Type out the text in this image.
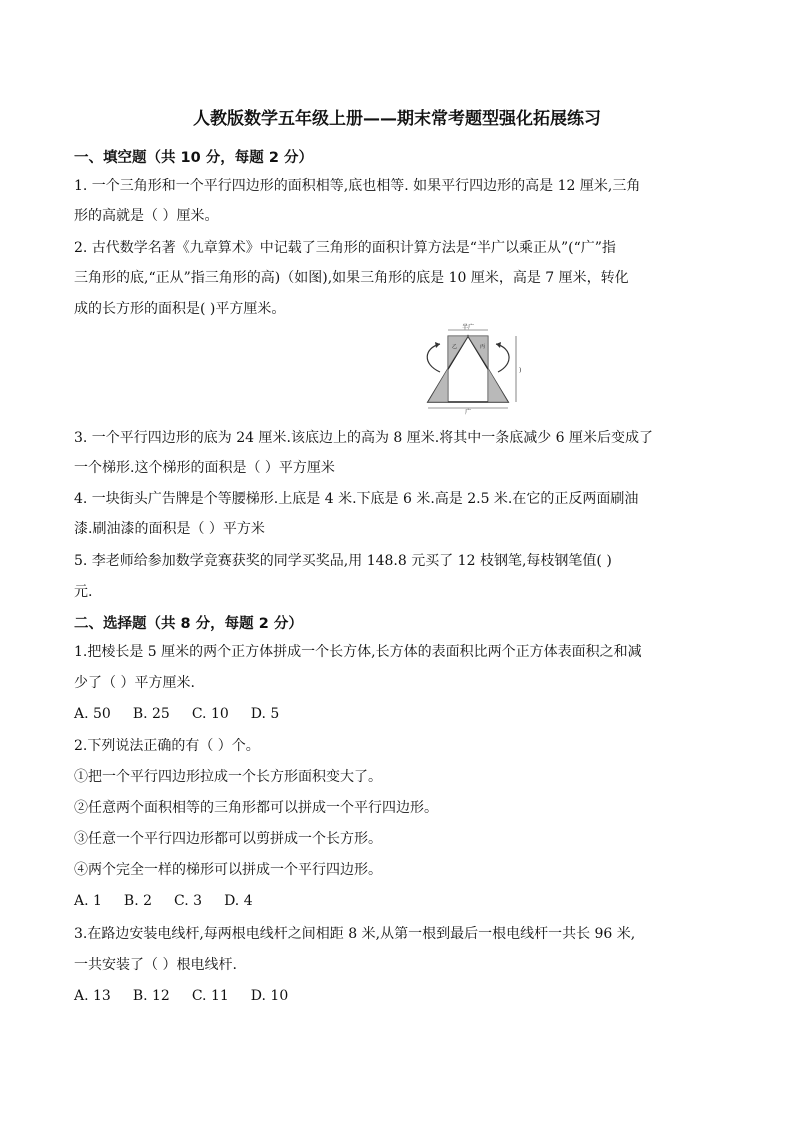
人教版数学五年级上册——期末常考题型强化拓展练习
一、填空题（共 10 分，每题 2 分）
1. 一个三角形和一个平行四边形的面积相等,底也相等. 如果平行四边形的高是 12 厘米,三角
形的高就是（ ）厘米。
2. 古代数学名著《九章算术》中记载了三角形的面积计算方法是“半广以乘正从”(“广”指
三角形的底,“正从”指三角形的高)（如图),如果三角形的底是 10 厘米，高是 7 厘米，转化
成的长方形的面积是( )平方厘米。
半广
广
)
乙	丙
3. 一个平行四边形的底为 24 厘米.该底边上的高为 8 厘米.将其中一条底减少 6 厘米后变成了
一个梯形.这个梯形的面积是（ ）平方厘米
4. 一块街头广告牌是个等腰梯形.上底是 4 米.下底是 6 米.高是 2.5 米.在它的正反两面刷油
漆.刷油漆的面积是（ ）平方米
5. 李老师给参加数学竞赛获奖的同学买奖品,用 148.8 元买了 12 枝钢笔,每枝钢笔值( )
元.
二、选择题（共 8 分，每题 2 分）
1.把棱长是 5 厘米的两个正方体拼成一个长方体,长方体的表面积比两个正方体表面积之和减
少了（ ）平方厘米.
A. 50 B. 25 C. 10 D. 5
2.下列说法正确的有（ ）个。
①把一个平行四边形拉成一个长方形面积变大了。
②任意两个面积相等的三角形都可以拼成一个平行四边形。
③任意一个平行四边形都可以剪拼成一个长方形。
④两个完全一样的梯形可以拼成一个平行四边形。
A. 1 B. 2 C. 3 D. 4
3.在路边安装电线杆,每两根电线杆之间相距 8 米,从第一根到最后一根电线杆一共长 96 米,
一共安装了（ ）根电线杆.
A. 13 B. 12 C. 11 D. 10
